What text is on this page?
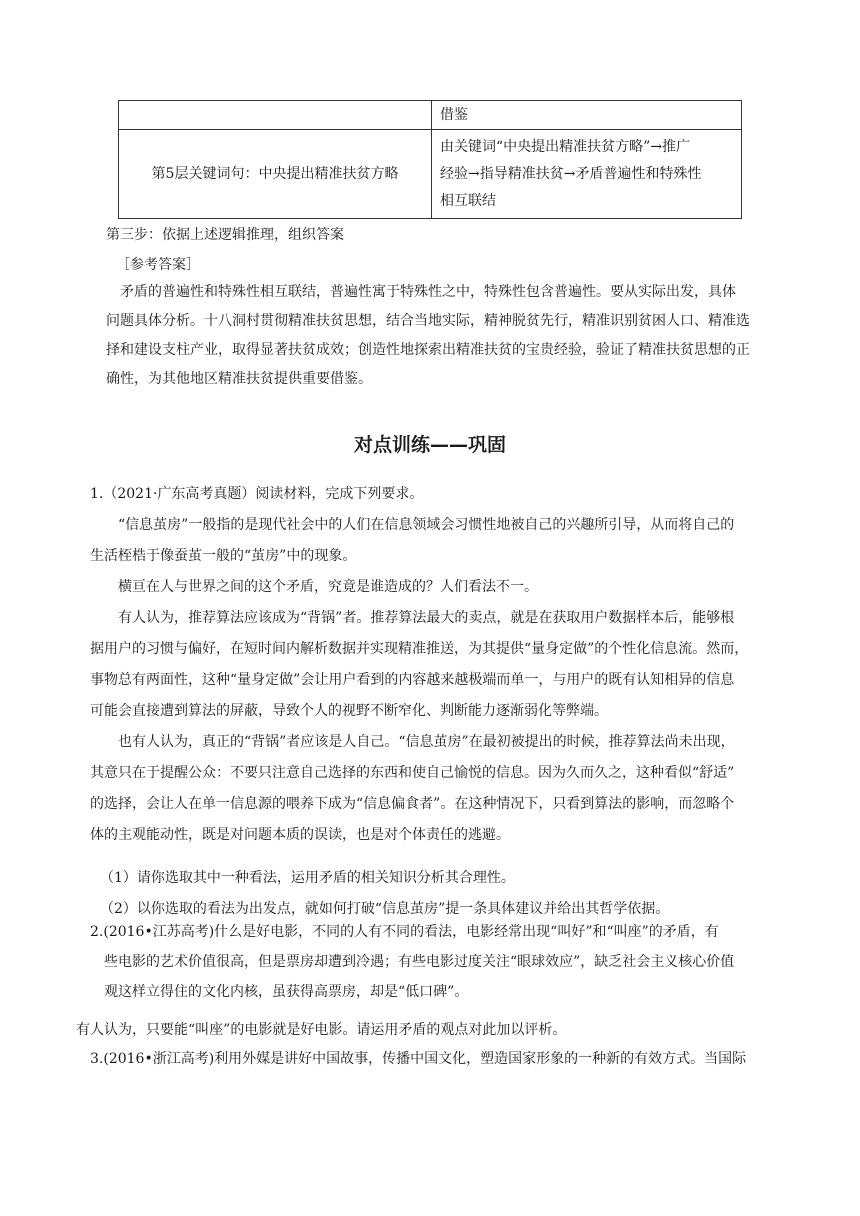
	借鉴
第5层关键词句：中央提出精准扶贫方略	由关键词“中央提出精准扶贫方略”→推广
经验→指导精准扶贫→矛盾普遍性和特殊性
相互联结
第三步：依据上述逻辑推理，组织答案
［参考答案］
矛盾的普遍性和特殊性相互联结，普遍性寓于特殊性之中，特殊性包含普遍性。要从实际出发，具体
问题具体分析。十八洞村贯彻精准扶贫思想，结合当地实际，精神脱贫先行，精准识别贫困人口、精准选
择和建设支柱产业，取得显著扶贫成效；创造性地探索出精准扶贫的宝贵经验，验证了精准扶贫思想的正
确性，为其他地区精准扶贫提供重要借鉴。
对点训练——巩固
1.（2021·广东高考真题）阅读材料，完成下列要求。
“信息茧房”一般指的是现代社会中的人们在信息领域会习惯性地被自己的兴趣所引导，从而将自己的
生活桎梏于像蚕茧一般的“茧房”中的现象。
横亘在人与世界之间的这个矛盾，究竟是谁造成的？人们看法不一。
有人认为，推荐算法应该成为“背锅”者。推荐算法最大的卖点，就是在获取用户数据样本后，能够根
据用户的习惯与偏好，在短时间内解析数据并实现精准推送，为其提供“量身定做”的个性化信息流。然而，
事物总有两面性，这种“量身定做”会让用户看到的内容越来越极端而单一，与用户的既有认知相异的信息
可能会直接遭到算法的屏蔽，导致个人的视野不断窄化、判断能力逐渐弱化等弊端。
也有人认为，真正的“背锅”者应该是人自己。“信息茧房”在最初被提出的时候，推荐算法尚未出现，
其意只在于提醒公众：不要只注意自己选择的东西和使自己愉悦的信息。因为久而久之，这种看似“舒适”
的选择，会让人在单一信息源的喂养下成为“信息偏食者”。在这种情况下，只看到算法的影响，而忽略个
体的主观能动性，既是对问题本质的误读，也是对个体责任的逃避。
（1）请你选取其中一种看法，运用矛盾的相关知识分析其合理性。
（2）以你选取的看法为出发点，就如何打破“信息茧房”提一条具体建议并给出其哲学依据。
2.(2016•江苏高考)什么是好电影，不同的人有不同的看法，电影经常出现“叫好”和“叫座”的矛盾，有
些电影的艺术价值很高，但是票房却遭到冷遇；有些电影过度关注“眼球效应”，缺乏社会主义核心价值
观这样立得住的文化内核，虽获得高票房，却是“低口碑”。
有人认为，只要能“叫座”的电影就是好电影。请运用矛盾的观点对此加以评析。
3.(2016•浙江高考)利用外媒是讲好中国故事，传播中国文化，塑造国家形象的一种新的有效方式。当国际
